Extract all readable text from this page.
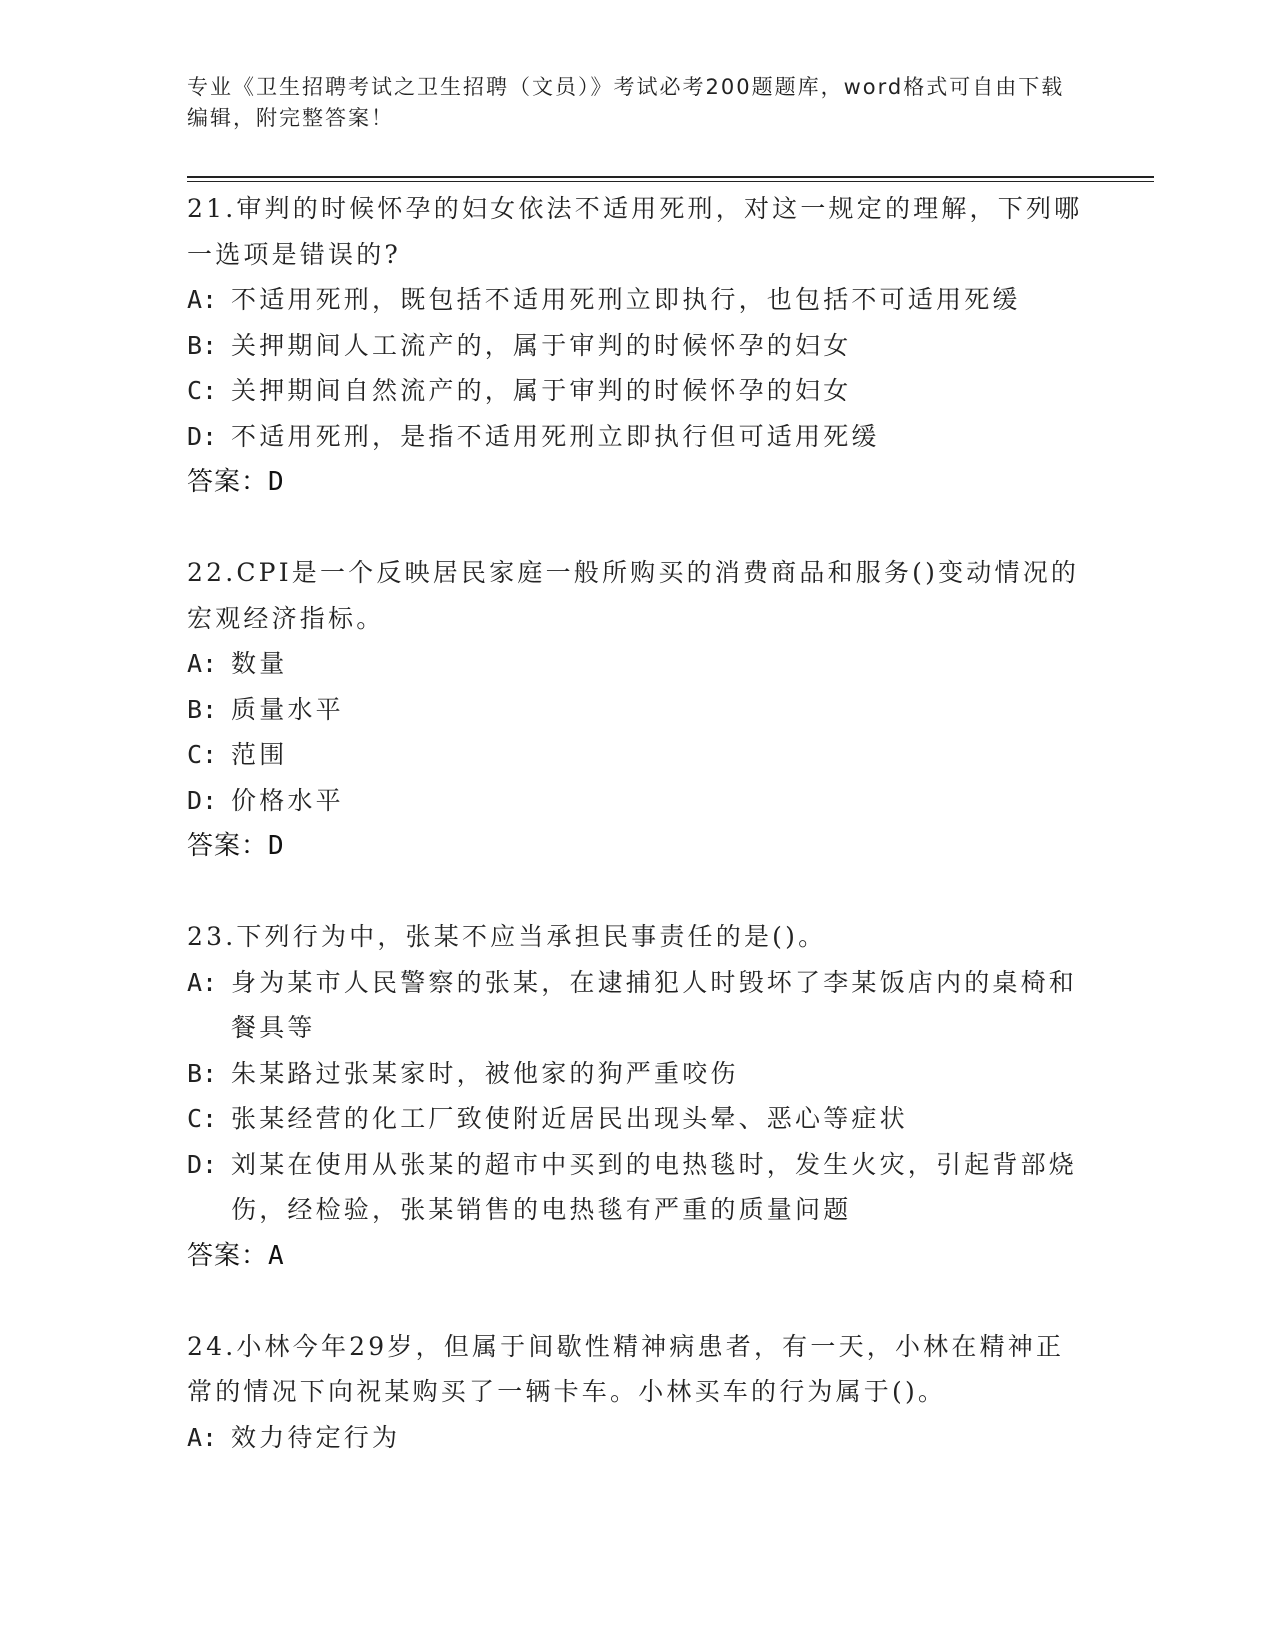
专业《卫生招聘考试之卫生招聘（文员）》考试必考200题题库，word格式可自由下载编辑，附完整答案！
21.审判的时候怀孕的妇女依法不适用死刑，对这一规定的理解，下列哪一选项是错误的?
A: 不适用死刑，既包括不适用死刑立即执行，也包括不可适用死缓
B: 关押期间人工流产的，属于审判的时候怀孕的妇女
C: 关押期间自然流产的，属于审判的时候怀孕的妇女
D: 不适用死刑，是指不适用死刑立即执行但可适用死缓
答案：D
22.CPI是一个反映居民家庭一般所购买的消费商品和服务()变动情况的宏观经济指标。
A: 数量
B: 质量水平
C: 范围
D: 价格水平
答案：D
23.下列行为中，张某不应当承担民事责任的是()。
A: 身为某市人民警察的张某，在逮捕犯人时毁坏了李某饭店内的桌椅和餐具等
B: 朱某路过张某家时，被他家的狗严重咬伤
C: 张某经营的化工厂致使附近居民出现头晕、恶心等症状
D: 刘某在使用从张某的超市中买到的电热毯时，发生火灾，引起背部烧伤，经检验，张某销售的电热毯有严重的质量问题
答案：A
24.小林今年29岁，但属于间歇性精神病患者，有一天，小林在精神正常的情况下向祝某购买了一辆卡车。小林买车的行为属于()。
A: 效力待定行为
